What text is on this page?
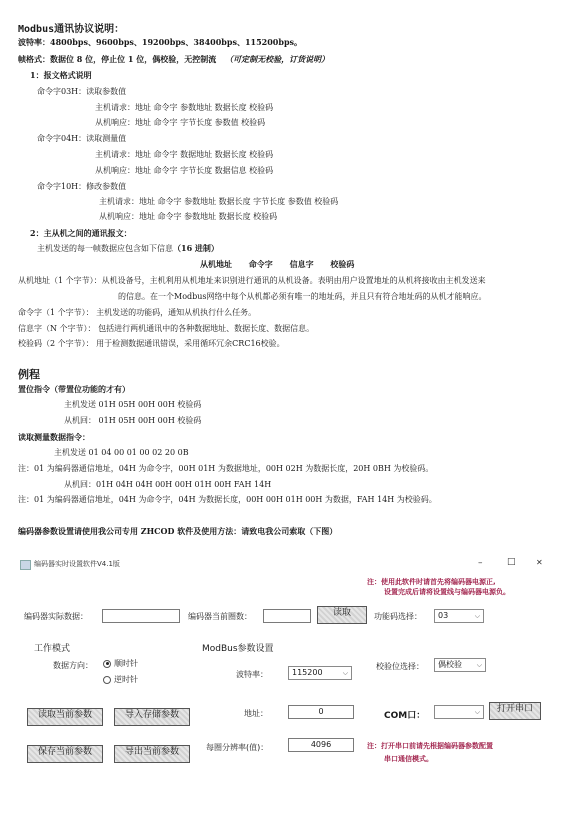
Modbus通讯协议说明：
波特率：4800bps、9600bps、19200bps、38400bps、115200bps。
帧格式：数据位 8 位，停止位 1 位，偶校验，无控制流 （可定制无校验，订货说明）
1：报文格式说明
命令字03H：读取参数值
主机请求：地址 命令字 参数地址 数据长度 校验码
从机响应：地址 命令字 字节长度 参数值 校验码
命令字04H：读取测量值
主机请求：地址 命令字 数据地址 数据长度 校验码
从机响应：地址 命令字 字节长度 数据信息 校验码
命令字10H：修改参数值
主机请求：地址 命令字 参数地址 数据长度 字节长度 参数值 校验码
从机响应：地址 命令字 参数地址 数据长度 校验码
2：主从机之间的通讯报文：
主机发送的每一帧数据应包含如下信息（16 进制）
从机地址 命令字 信息字 校验码
从机地址（1 个字节）：从机设备号，主机利用从机地址来识别进行通讯的从机设备。表明由用户设置地址的从机将接收由主机发送来
的信息。在一个Modbus网络中每个从机都必须有唯一的地址码，并且只有符合地址码的从机才能响应。
命令字（1 个字节）： 主机发送的功能码，通知从机执行什么任务。
信息字（N 个字节）： 包括进行两机通讯中的各种数据地址、数据长度、数据信息。
校验码（2 个字节）： 用于检测数据通讯错误，采用循环冗余CRC16校验。
例程
置位指令（带置位功能的才有）
主机发送 01H 05H 00H 00H 校验码
从机回： 01H 05H 00H 00H 校验码
读取测量数据指令：
主机发送 01 04 00 01 00 02 20 0B
注：01 为编码器通信地址，04H 为命令字，00H 01H 为数据地址，00H 02H 为数据长度，20H 0BH 为校验码。
从机回：01H 04H 04H 00H 00H 01H 00H FAH 14H
注：01 为编码器通信地址，04H 为命令字，04H 为数据长度，00H 00H 01H 00H 为数据，FAH 14H 为校验码。
编码器参数设置请使用我公司专用 ZHCOD 软件及使用方法：请致电我公司索取（下图）
编码器实时设置软件V4.1版	–	□	✕
注：使用此软件时请首先将编码器电源正,
设置完成后请将设置线与编码器电源负。
编码器实际数据：	编码器当前圈数：	读取	功能码选择：	03	⌵
工作模式	ModBus参数设置
数据方向：	顺时针
逆时针
波特率：	115200	⌵
校验位选择：	偶校验 ⌵
读取当前参数	导入存储参数	地址：	0	COM口：	⌵	打开串口
保存当前参数	导出当前参数	每圈分辨率(值)：	4096	注：打开串口前请先根据编码器参数配置
串口通信模式。
